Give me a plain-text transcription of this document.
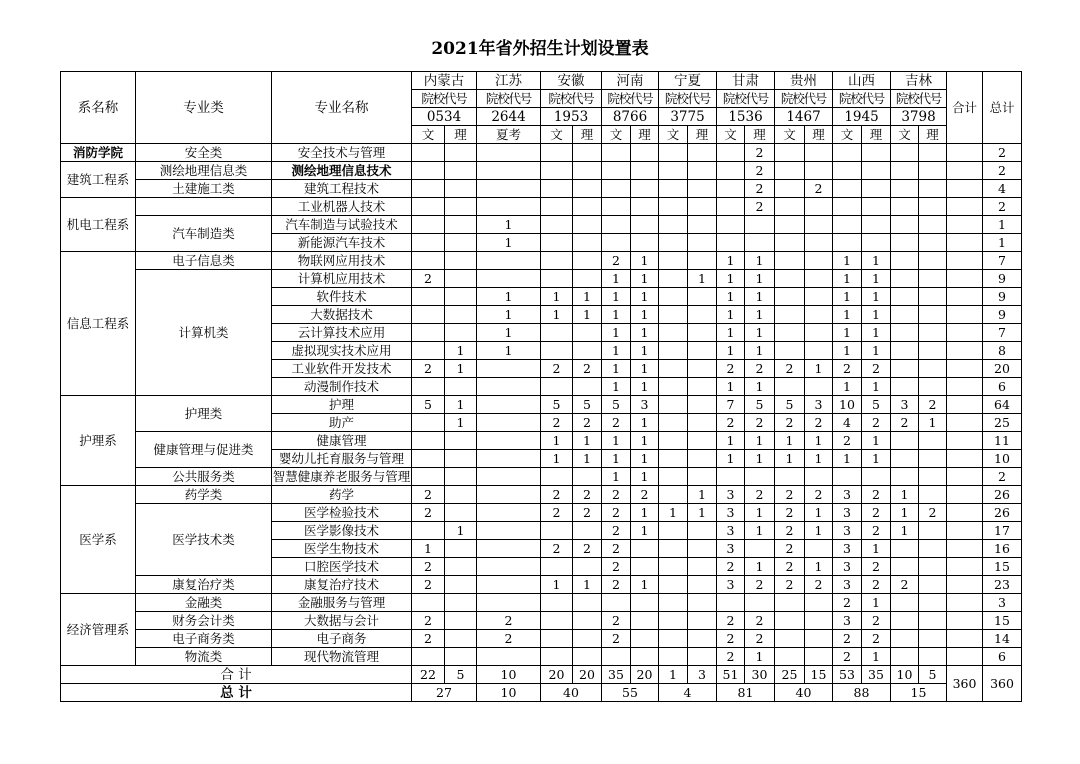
2021年省外招生计划设置表
系名称	专业类	专业名称	内蒙古		江苏	安徽		河南		宁夏		甘肃		贵州		山西		吉林		合计	总计	
			院校代号		院校代号	院校代号		院校代号		院校代号		院校代号		院校代号		院校代号		院校代号				
			0534		2644	1953		8766		3775		1536		1467		1945		3798				
			文	理	夏考	文	理	文	理	文	理	文	理	文	理	文	理	文	理			
消防学院	安全类	安全技术与管理											2								2	
建筑工程系	测绘地理信息类	测绘地理信息技术											2								2	
	土建施工类	建筑工程技术											2		2						4	
机电工程系		工业机器人技术											2								2	
	汽车制造类	汽车制造与试验技术			1																1	
		新能源汽车技术			1																1	
信息工程系	电子信息类	物联网应用技术						2	1			1	1			1	1				7	
	计算机类	计算机应用技术	2					1	1		1	1	1			1	1				9	
		软件技术			1	1	1	1	1			1	1			1	1				9	
		大数据技术			1	1	1	1	1			1	1			1	1				9	
		云计算技术应用			1			1	1			1	1			1	1				7	
		虚拟现实技术应用		1	1			1	1			1	1			1	1				8	
		工业软件开发技术	2	1		2	2	1	1			2	2	2	1	2	2				20	
		动漫制作技术						1	1			1	1			1	1				6	
护理系	护理类	护理	5	1		5	5	5	3			7	5	5	3	10	5	3	2		64	
		助产		1		2	2	2	1			2	2	2	2	4	2	2	1		25	
	健康管理与促进类	健康管理				1	1	1	1			1	1	1	1	2	1				11	
		婴幼儿托育服务与管理				1	1	1	1			1	1	1	1	1	1				10	
	公共服务类	智慧健康养老服务与管理						1	1												2	
医学系	药学类	药学	2			2	2	2	2		1	3	2	2	2	3	2	1			26	
	医学技术类	医学检验技术	2			2	2	2	1	1	1	3	1	2	1	3	2	1	2		26	
		医学影像技术		1				2	1			3	1	2	1	3	2	1			17	
		医学生物技术	1			2	2	2				3		2		3	1				16	
		口腔医学技术	2					2				2	1	2	1	3	2				15	
	康复治疗类	康复治疗技术	2			1	1	2	1			3	2	2	2	3	2	2			23	
经济管理系	金融类	金融服务与管理														2	1				3	
	财务会计类	大数据与会计	2		2			2				2	2			3	2				15	
	电子商务类	电子商务	2		2			2				2	2			2	2				14	
	物流类	现代物流管理										2	1			2	1				6	
合 计			22	5	10	20	20	35	20	1	3	51	30	25	15	53	35	10	5	360	360	
总 计			27		10	40		55		4		81		40		88		15				
